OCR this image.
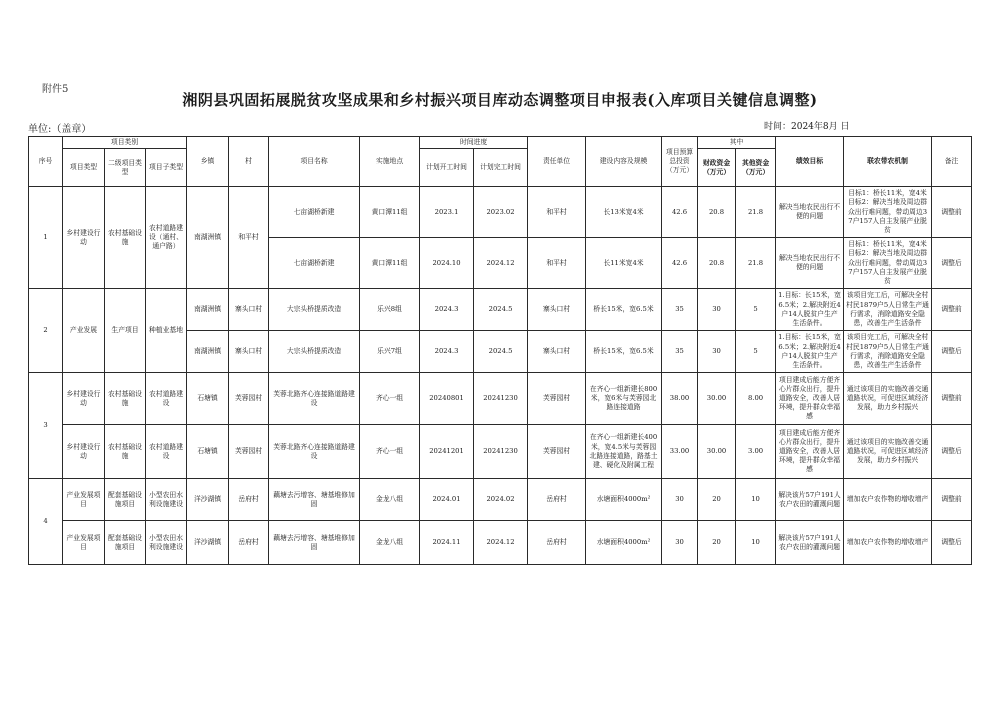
附件5
湘阴县巩固拓展脱贫攻坚成果和乡村振兴项目库动态调整项目申报表(入库项目关键信息调整)
单位:（盖章）	时间：2024年8月 日
序号	项目类别			乡镇	村	项目名称	实施地点	时间进度		责任单位	建设内容及规模	项目预算总投资（万元）	其中		绩效目标	联农带农机制	备注
	项目类型	二级项目类型	项目子类型					计划开工时间	计划完工时间				财政资金（万元）	其他资金（万元）			
1	乡村建设行动	农村基础设施	农村道路建设（通村、通户路）	南湖洲镇	和平村	七亩湖桥新建	黄口潭11组	2023.1	2023.02	和平村	长13米宽4米	42.6	20.8	21.8	解决当地农民出行不便的问题	目标1：桥长11米，宽4米目标2：解决当地及周边群众出行难问题，带动周边37户157人自主发展产业脱贫	调整前
						七亩湖桥新建	黄口潭11组	2024.10	2024.12	和平村	长11米宽4米	42.6	20.8	21.8	解决当地农民出行不便的问题	目标1：桥长11米，宽4米目标2：解决当地及周边群众出行难问题，带动周边37户157人自主发展产业脱贫	调整后
2	产业发展	生产项目	种植业基地	南湖洲镇	寨头口村	大宗头桥提质改造	乐兴8组	2024.3	2024.5	寨头口村	桥长15米，宽6.5米	35	30	5	1.目标：长15米，宽6.5米；2.解决附近4户14人脱贫户生产生活条件。	该项目完工后，可解决全村村民1879户5人日常生产通行需求，消除道路安全隐患，改善生产生活条件	调整前
				南湖洲镇	寨头口村	大宗头桥提质改造	乐兴7组	2024.3	2024.5	寨头口村	桥长15米，宽6.5米	35	30	5	1.目标：长15米，宽6.5米；2.解决附近4户14人脱贫户生产生活条件。	该项目完工后，可解决全村村民1879户5人日常生产通行需求，消除道路安全隐患，改善生产生活条件	调整后
3	乡村建设行动	农村基础设施	农村道路建设	石塘镇	芙蓉园村	芙蓉北路齐心连接路道路建设	齐心一组	20240801	20241230	芙蓉园村	在齐心一组新建长800米，宽6米与芙蓉园北路连接道路	38.00	30.00	8.00	项目建成后能方便齐心片群众出行，提升道路安全，改善人居环境，提升群众幸福感	通过该项目的实施改善交通道路状况，可促进区域经济发展，助力乡村振兴	调整前
	乡村建设行动	农村基础设施	农村道路建设	石塘镇	芙蓉园村	芙蓉北路齐心连接路道路建设	齐心一组	20241201	20241230	芙蓉园村	在齐心一组新建长400米，宽4.5米与芙蓉园北路连接道路，路基土建、硬化及附属工程	33.00	30.00	3.00	项目建成后能方便齐心片群众出行，提升道路安全，改善人居环境，提升群众幸福感	通过该项目的实施改善交通道路状况，可促进区域经济发展，助力乡村振兴	调整后
4	产业发展项目	配套基础设施项目	小型农田水利设施建设	洋沙湖镇	岳府村	藕塘去污增容、塘基堆修加固	金龙八组	2024.01	2024.02	岳府村	水塘面积4000m²	30	20	10	解决该片57户191人农户农田的灌溉问题	增加农户农作物的增收增产	调整前
	产业发展项目	配套基础设施项目	小型农田水利设施建设	洋沙湖镇	岳府村	藕塘去污增容、塘基堆修加固	金龙八组	2024.11	2024.12	岳府村	水塘面积4000m²	30	20	10	解决该片57户191人农户农田的灌溉问题	增加农户农作物的增收增产	调整后
